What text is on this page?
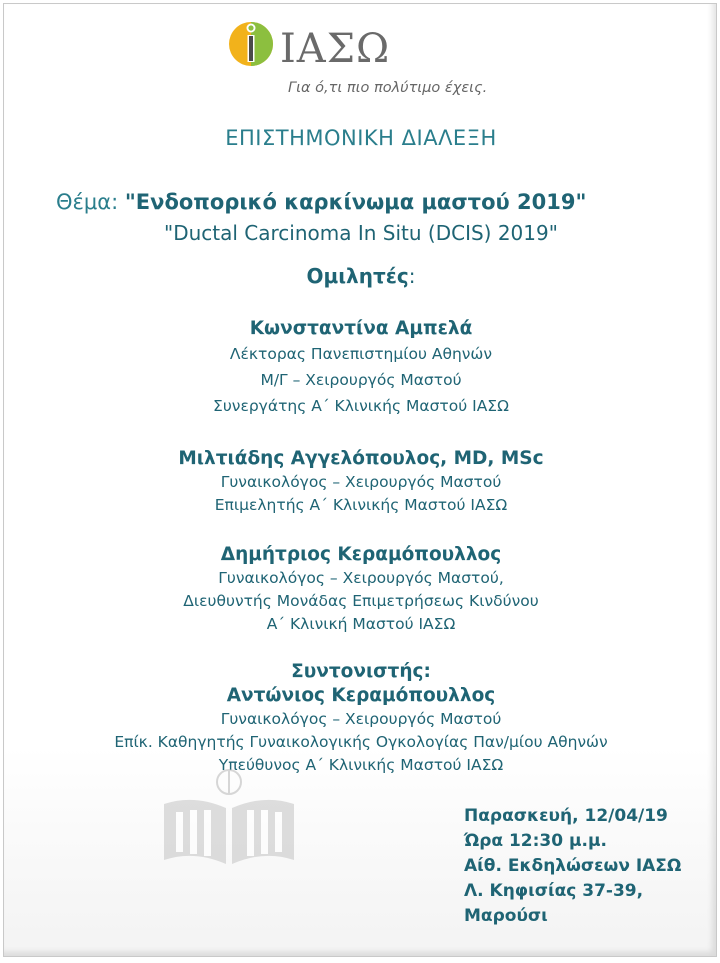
ΙΑΣΩ
Για ό,τι πιο πολύτιμο έχεις.
ΕΠΙΣΤΗΜΟΝΙΚΗ ΔΙΑΛΕΞΗ
Θέμα: "Ενδοπορικό καρκίνωμα μαστού 2019"
"Ductal Carcinoma In Situ (DCIS) 2019"
Ομιλητές:
Κωνσταντίνα Αμπελά
Λέκτορας Πανεπιστημίου Αθηνών
Μ/Γ – Χειρουργός Μαστού
Συνεργάτης Α΄ Κλινικής Μαστού ΙΑΣΩ
Μιλτιάδης Αγγελόπουλος, MD, MSc
Γυναικολόγος – Χειρουργός Μαστού
Επιμελητής Α΄ Κλινικής Μαστού ΙΑΣΩ
Δημήτριος Κεραμόπουλλος
Γυναικολόγος – Χειρουργός Μαστού,
Διευθυντής Μονάδας Επιμετρήσεως Κινδύνου
Α΄ Κλινική Μαστού ΙΑΣΩ
Συντονιστής:
Αντώνιος Κεραμόπουλλος
Γυναικολόγος – Χειρουργός Μαστού
Επίκ. Καθηγητής Γυναικολογικής Ογκολογίας Παν/μίου Αθηνών
Υπεύθυνος Α΄ Κλινικής Μαστού ΙΑΣΩ
Παρασκευή, 12/04/19
Ώρα 12:30 μ.μ.
Αίθ. Εκδηλώσεων ΙΑΣΩ
Λ. Κηφισίας 37-39,
Μαρούσι
